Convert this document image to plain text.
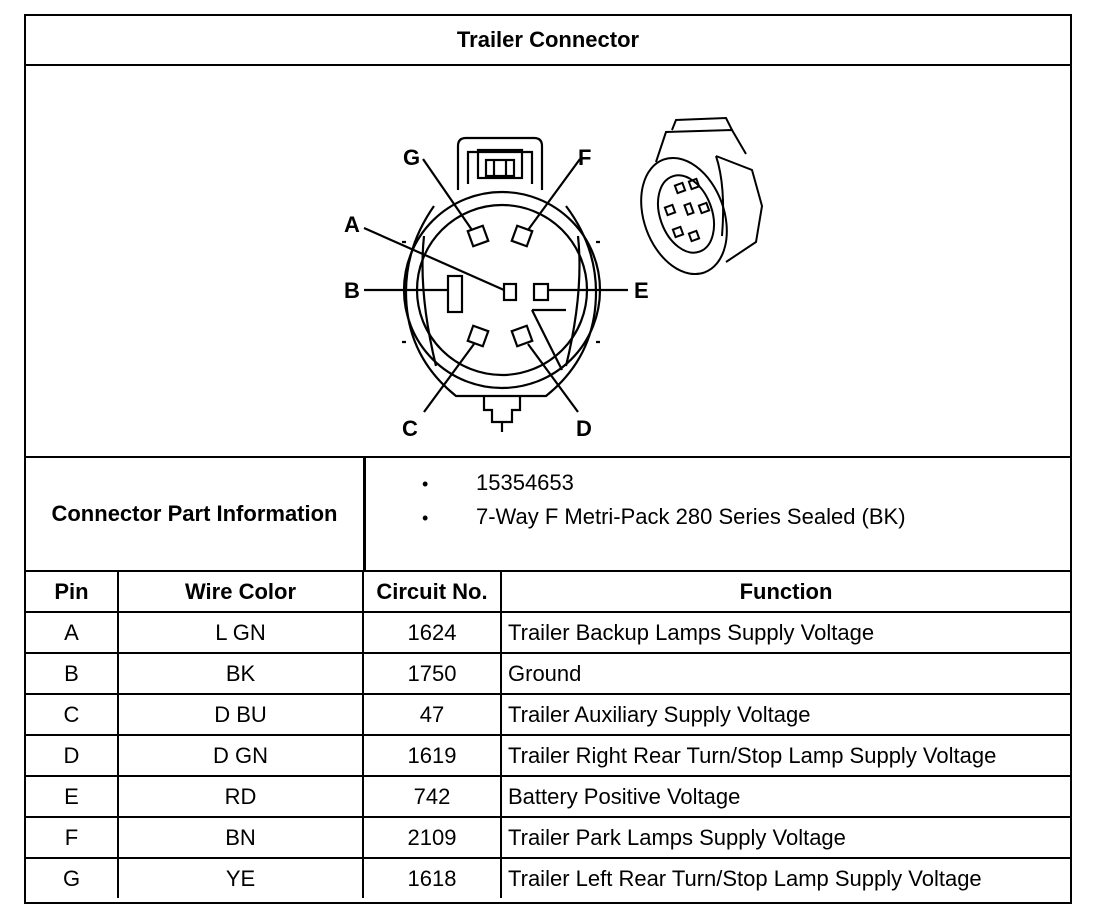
Trailer Connector
G	F
A
B	E
C	D
Connector Part Information
• 15354653
• 7-Way F Metri-Pack 280 Series Sealed (BK)
Pin	Wire Color	Circuit No.	Function
A	L GN	1624	Trailer Backup Lamps Supply Voltage
B	BK	1750	Ground
C	D BU	47	Trailer Auxiliary Supply Voltage
D	D GN	1619	Trailer Right Rear Turn/Stop Lamp Supply Voltage
E	RD	742	Battery Positive Voltage
F	BN	2109	Trailer Park Lamps Supply Voltage
G	YE	1618	Trailer Left Rear Turn/Stop Lamp Supply Voltage
